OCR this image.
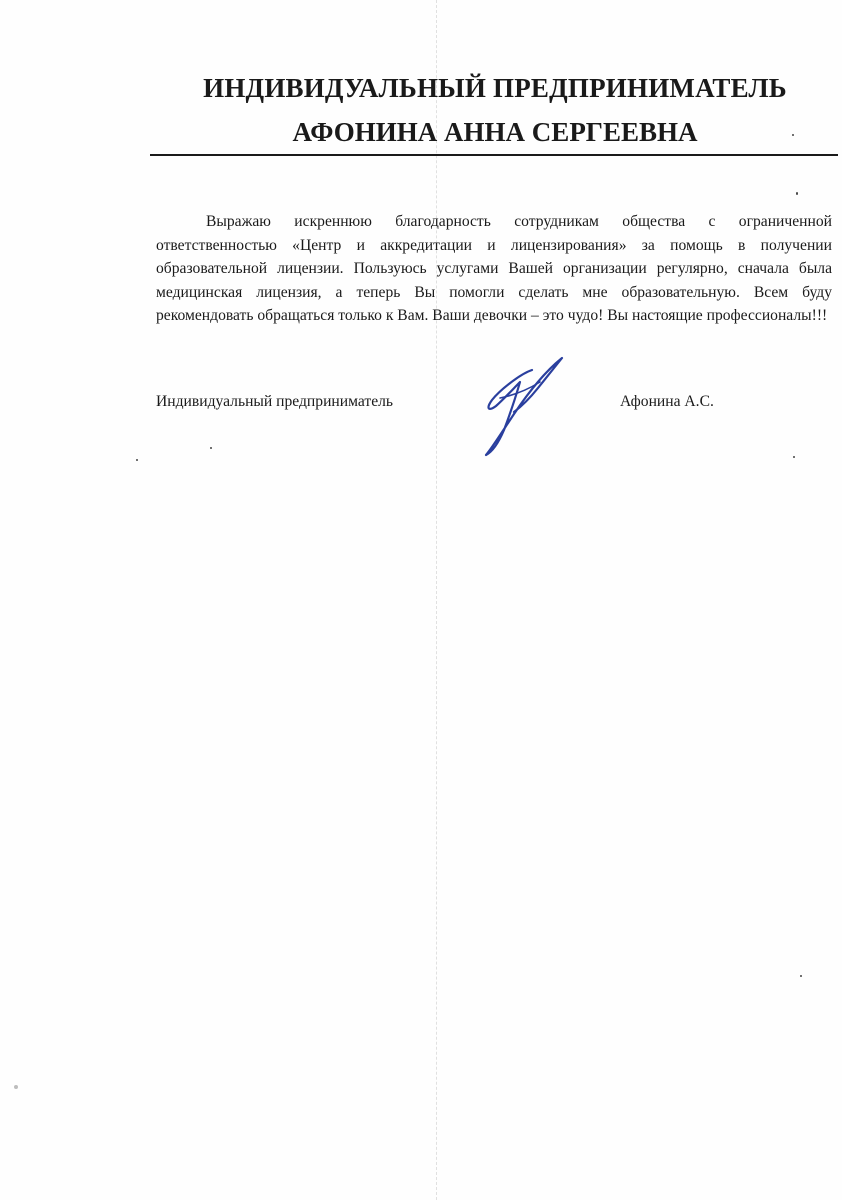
ИНДИВИДУАЛЬНЫЙ ПРЕДПРИНИМАТЕЛЬ
АФОНИНА АННА СЕРГЕЕВНА

Выражаю искреннюю благодарность сотрудникам общества с ограниченной ответственностью «Центр и аккредитации и лицензирования» за помощь в получении образовательной лицензии. Пользуюсь услугами Вашей организации регулярно, сначала была медицинская лицензия, а теперь Вы помогли сделать мне образовательную. Всем буду рекомендовать обращаться только к Вам. Ваши девочки – это чудо! Вы настоящие профессионалы!!!

Индивидуальный предприниматель	Афонина А.С.
